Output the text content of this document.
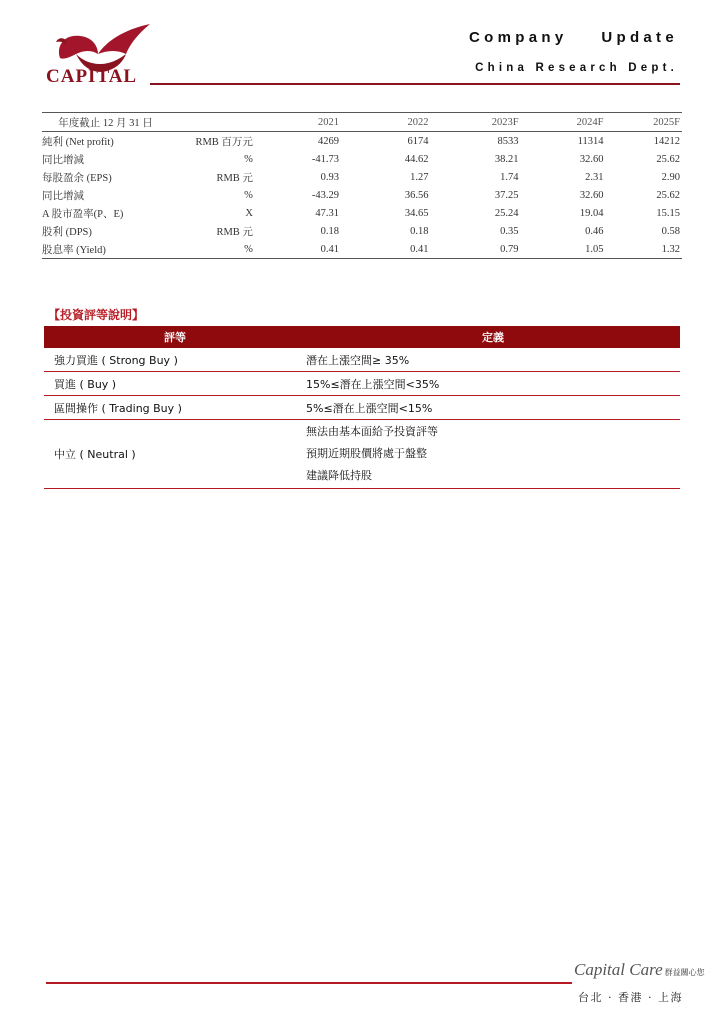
CAPITAL
Company    Update
China Research Dept.
年度截止 12 月 31 日		2021	2022	2023F	2024F	2025F
純利 (Net profit)	RMB 百万元	4269	6174	8533	11314	14212
同比增減	%	-41.73	44.62	38.21	32.60	25.62
每股盈余 (EPS)	RMB 元	0.93	1.27	1.74	2.31	2.90
同比增減	%	-43.29	36.56	37.25	32.60	25.62
A 股市盈率(P、E)	X	47.31	34.65	25.24	19.04	15.15
股利 (DPS)	RMB 元	0.18	0.18	0.35	0.46	0.58
股息率 (Yield)	%	0.41	0.41	0.79	1.05	1.32
【投資評等說明】
評等	定義
強力買進 ( Strong Buy )	潛在上漲空間≥ 35%
買進 ( Buy )	15%≤潛在上漲空間<35%
區間操作 ( Trading Buy )	5%≤潛在上漲空間<15%
中立 ( Neutral )	無法由基本面給予投資評等
預期近期股價將處于盤整
建議降低持股
Capital Care 群益關心您
台北 · 香港 · 上海
